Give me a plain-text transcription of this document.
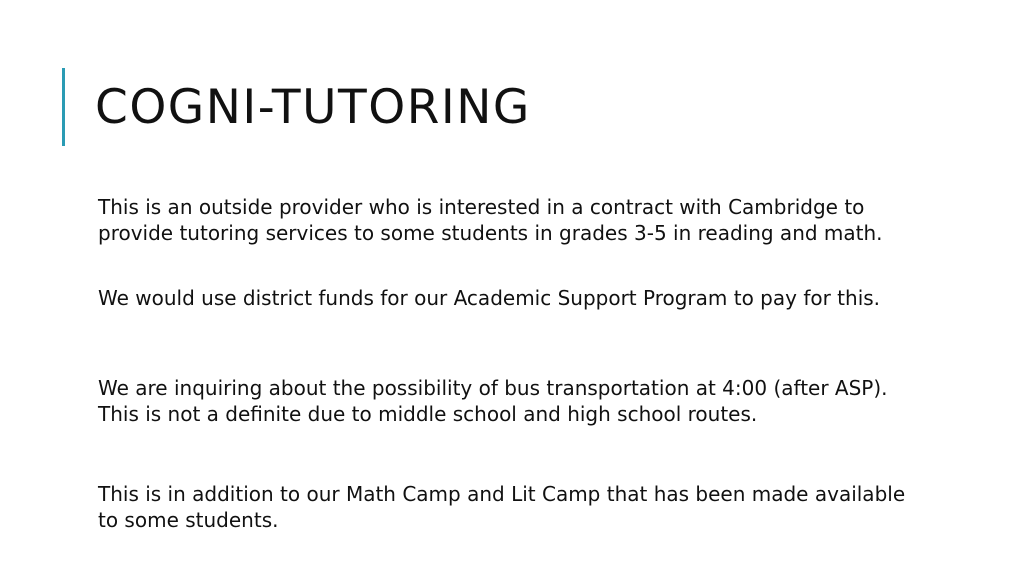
COGNI-TUTORING

This is an outside provider who is interested in a contract with Cambridge to provide tutoring services to some students in grades 3-5 in reading and math.

We would use district funds for our Academic Support Program to pay for this.

We are inquiring about the possibility of bus transportation at 4:00 (after ASP). This is not a definite due to middle school and high school routes.

This is in addition to our Math Camp and Lit Camp that has been made available to some students.
